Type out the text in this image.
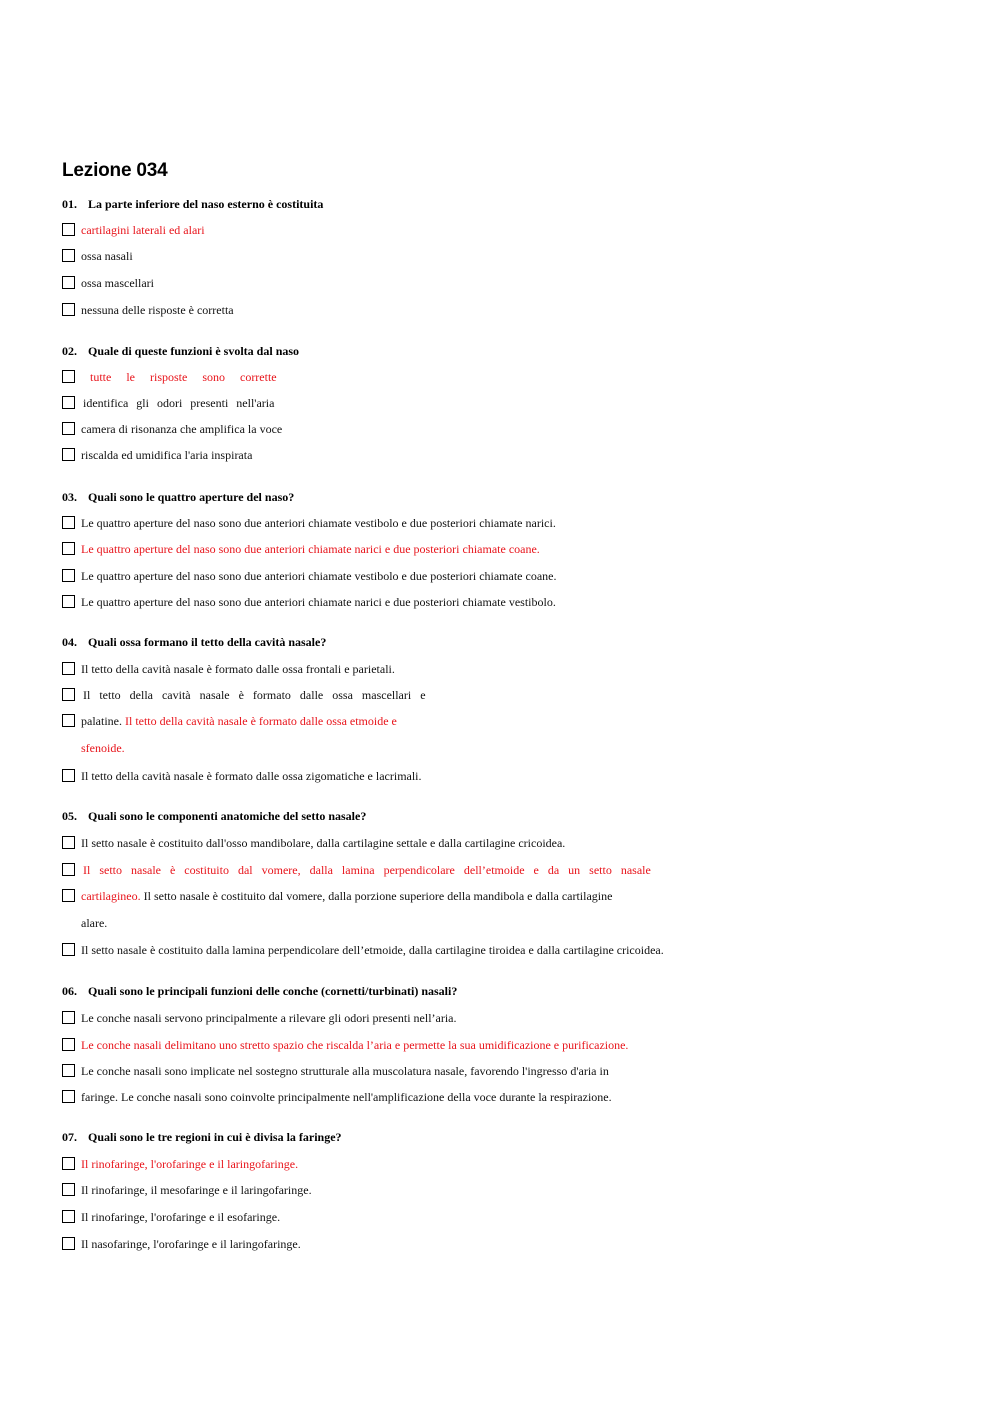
Lezione 034
01. La parte inferiore del naso esterno è costituita
cartilagini laterali ed alari
ossa nasali
ossa mascellari
nessuna delle risposte è corretta
02. Quale di queste funzioni è svolta dal naso
tutte le risposte sono corrette
identifica gli odori presenti nell'aria
camera di risonanza che amplifica la voce
riscalda ed umidifica l'aria inspirata
03. Quali sono le quattro aperture del naso?
Le quattro aperture del naso sono due anteriori chiamate vestibolo e due posteriori chiamate narici.
Le quattro aperture del naso sono due anteriori chiamate narici e due posteriori chiamate coane.
Le quattro aperture del naso sono due anteriori chiamate vestibolo e due posteriori chiamate coane.
Le quattro aperture del naso sono due anteriori chiamate narici e due posteriori chiamate vestibolo.
04. Quali ossa formano il tetto della cavità nasale?
Il tetto della cavità nasale è formato dalle ossa frontali e parietali.
Il tetto della cavità nasale è formato dalle ossa mascellari e
palatine. Il tetto della cavità nasale è formato dalle ossa etmoide e
sfenoide.
Il tetto della cavità nasale è formato dalle ossa zigomatiche e lacrimali.
05. Quali sono le componenti anatomiche del setto nasale?
Il setto nasale è costituito dall'osso mandibolare, dalla cartilagine settale e dalla cartilagine cricoidea.
Il setto nasale è costituito dal vomere, dalla lamina perpendicolare dell’etmoide e da un setto nasale
cartilagineo. Il setto nasale è costituito dal vomere, dalla porzione superiore della mandibola e dalla cartilagine
alare.
Il setto nasale è costituito dalla lamina perpendicolare dell’etmoide, dalla cartilagine tiroidea e dalla cartilagine cricoidea.
06. Quali sono le principali funzioni delle conche (cornetti/turbinati) nasali?
Le conche nasali servono principalmente a rilevare gli odori presenti nell’aria.
Le conche nasali delimitano uno stretto spazio che riscalda l’aria e permette la sua umidificazione e purificazione.
Le conche nasali sono implicate nel sostegno strutturale alla muscolatura nasale, favorendo l'ingresso d'aria in
faringe. Le conche nasali sono coinvolte principalmente nell'amplificazione della voce durante la respirazione.
07. Quali sono le tre regioni in cui è divisa la faringe?
Il rinofaringe, l'orofaringe e il laringofaringe.
Il rinofaringe, il mesofaringe e il laringofaringe.
Il rinofaringe, l'orofaringe e il esofaringe.
Il nasofaringe, l'orofaringe e il laringofaringe.
